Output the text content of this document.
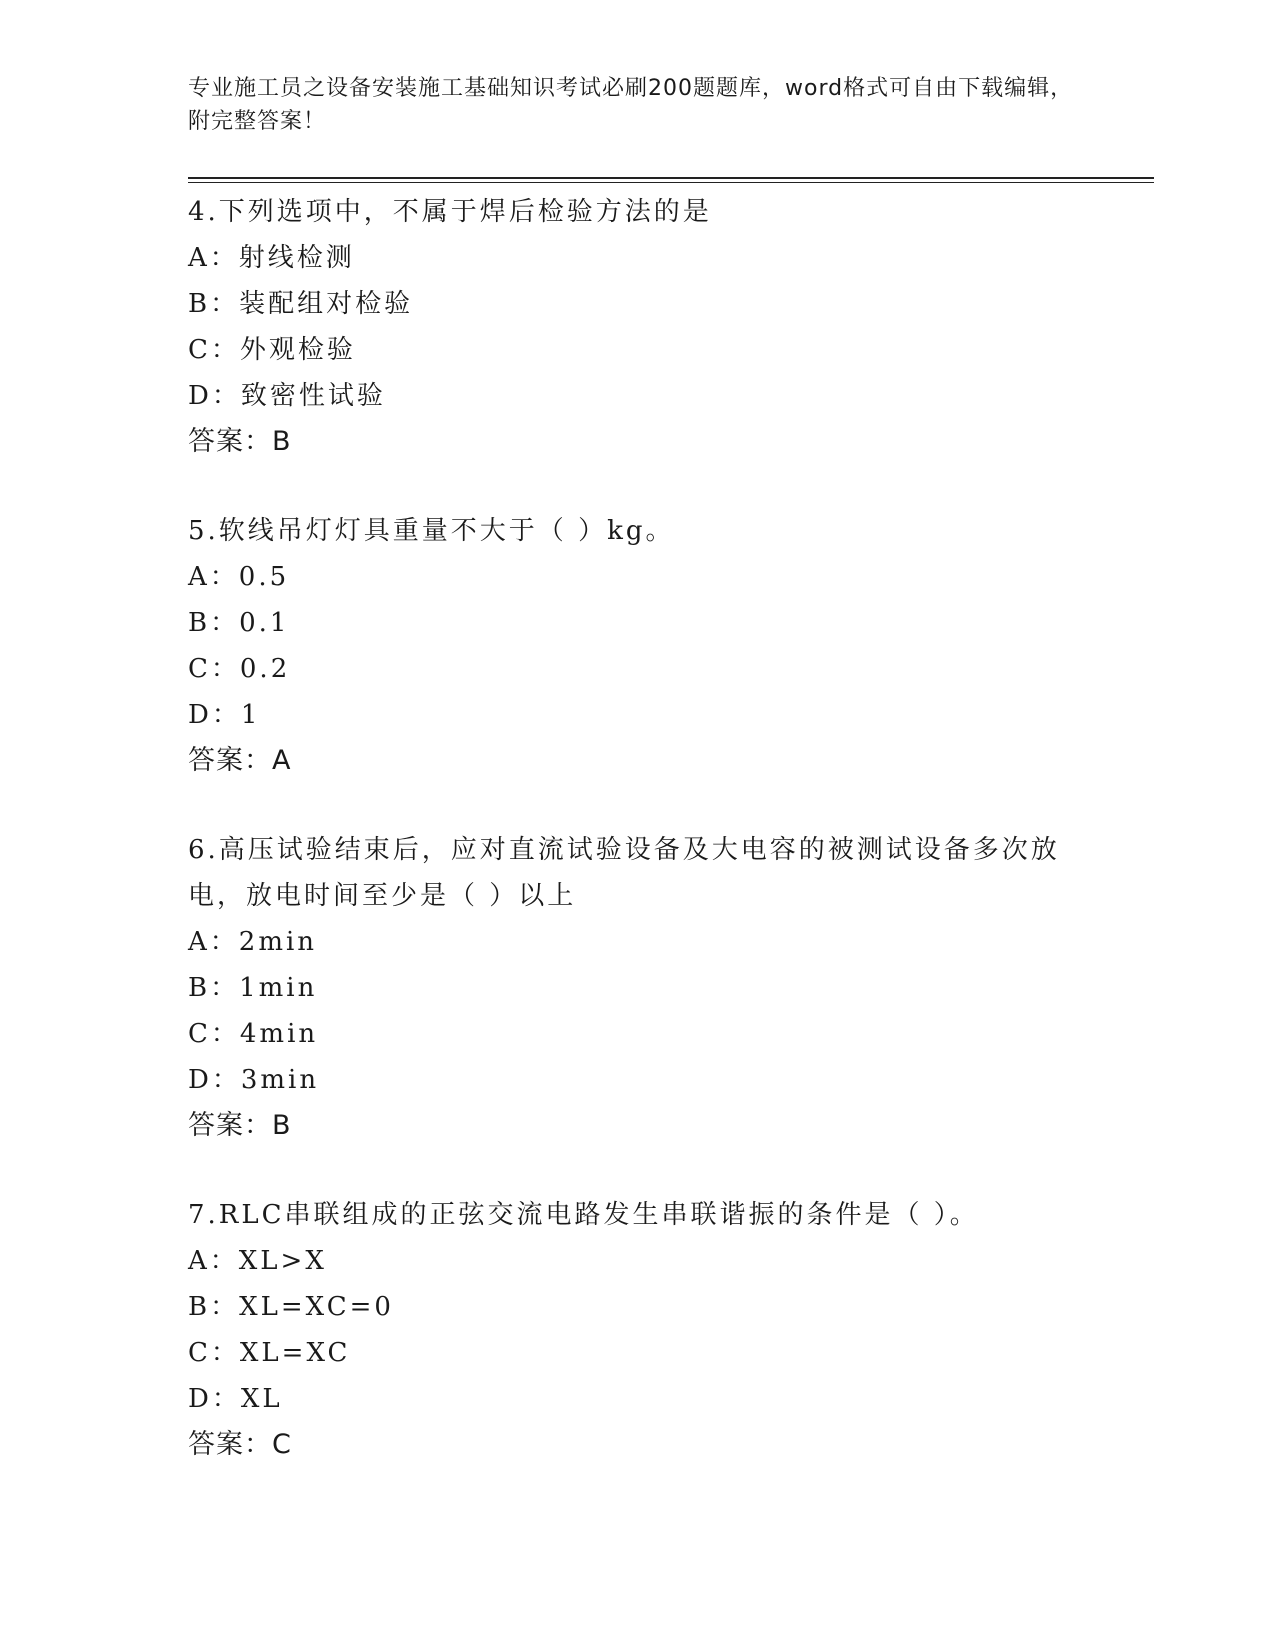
专业施工员之设备安装施工基础知识考试必刷200题题库，word格式可自由下载编辑，附完整答案！

4.下列选项中，不属于焊后检验方法的是

A：射线检测

B：装配组对检验

C：外观检验

D：致密性试验

答案：B

5.软线吊灯灯具重量不大于（ ）kg。

A：0.5

B：0.1

C：0.2

D：1

答案：A

6.高压试验结束后，应对直流试验设备及大电容的被测试设备多次放电，放电时间至少是（ ）以上

A：2min

B：1min

C：4min

D：3min

答案：B

7.RLC串联组成的正弦交流电路发生串联谐振的条件是（ ）。

A：XL>X

B：XL=XC=0

C：XL=XC

D：XL

答案：C
